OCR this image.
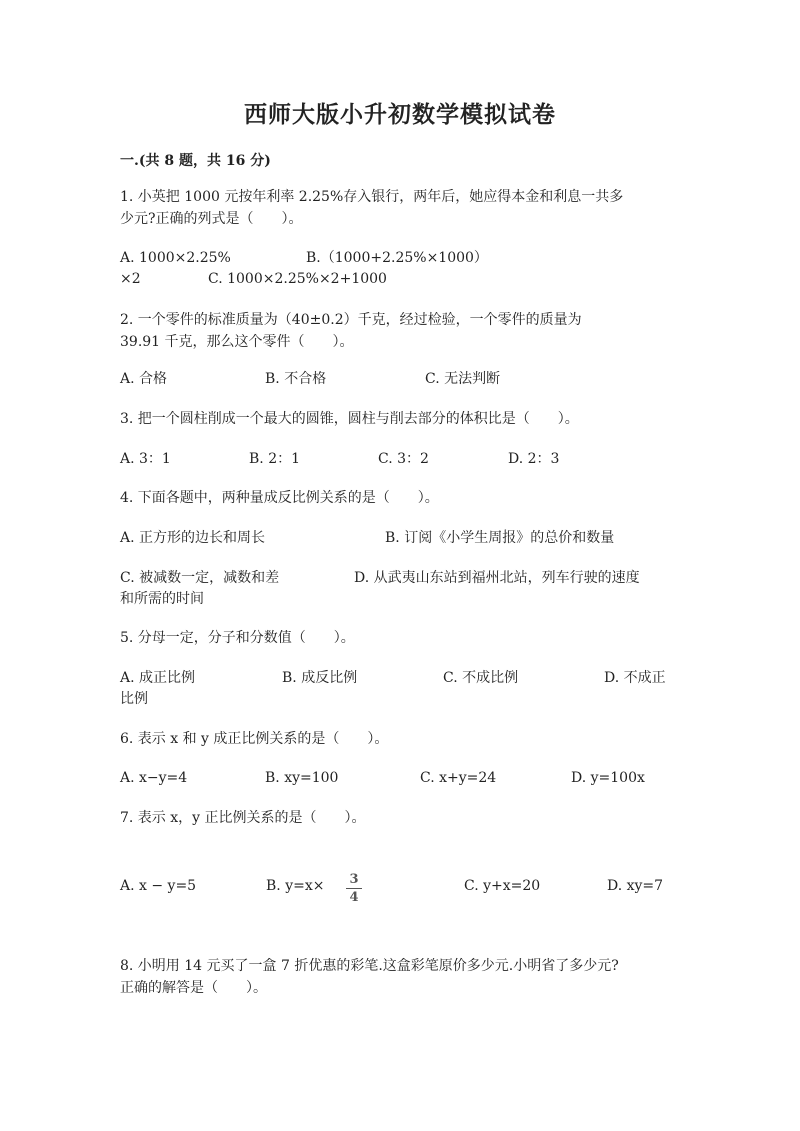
西师大版小升初数学模拟试卷
一.(共 8 题，共 16 分)
1. 小英把 1000 元按年利率 2.25%存入银行，两年后，她应得本金和利息一共多
少元?正确的列式是（　　）。
A. 1000×2.25%	B.（1000+2.25%×1000）
×2	C. 1000×2.25%×2+1000
2. 一个零件的标准质量为（40±0.2）千克，经过检验，一个零件的质量为
39.91 千克，那么这个零件（　　）。
A. 合格	B. 不合格	C. 无法判断
3. 把一个圆柱削成一个最大的圆锥，圆柱与削去部分的体积比是（　　）。
A. 3：1	B. 2：1	C. 3：2	D. 2：3
4. 下面各题中，两种量成反比例关系的是（　　）。
A. 正方形的边长和周长	B. 订阅《小学生周报》的总价和数量
C. 被减数一定，减数和差	D. 从武夷山东站到福州北站，列车行驶的速度
和所需的时间
5. 分母一定，分子和分数值（　　）。
A. 成正比例	B. 成反比例	C. 不成比例	D. 不成正
比例
6. 表示 x 和 y 成正比例关系的是（　　）。
A. x−y=4	B. xy=100	C. x+y=24	D. y=100x
7. 表示 x，y 正比例关系的是（　　）。
A. x − y=5	B. y=x× 3
4
C. y+x=20	D. xy=7
8. 小明用 14 元买了一盒 7 折优惠的彩笔.这盒彩笔原价多少元.小明省了多少元?
正确的解答是（　　）。
